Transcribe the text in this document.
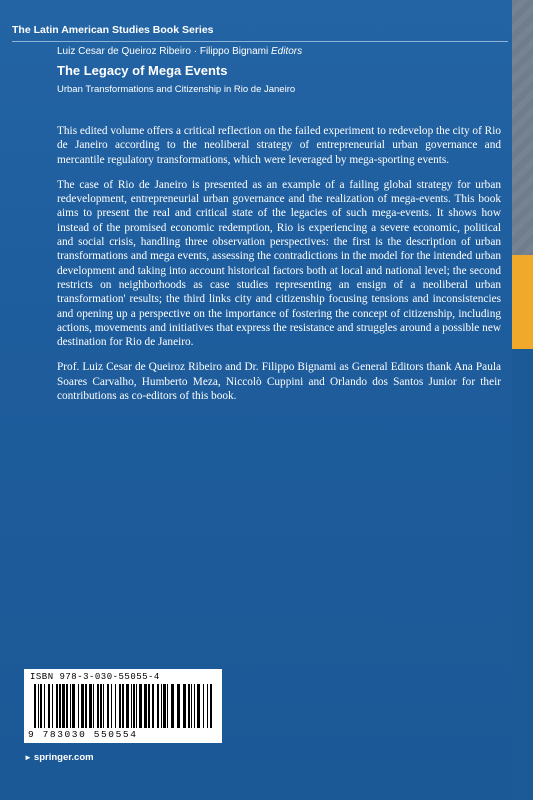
The Latin American Studies Book Series
Luiz Cesar de Queiroz Ribeiro · Filippo Bignami Editors
The Legacy of Mega Events
Urban Transformations and Citizenship in Rio de Janeiro

This edited volume offers a critical reflection on the failed experiment to redevelop the city of Rio de Janeiro according to the neoliberal strategy of entrepreneurial urban governance and mercantile regulatory transformations, which were leveraged by mega-sporting events.

The case of Rio de Janeiro is presented as an example of a failing global strategy for urban redevelopment, entrepreneurial urban governance and the realization of mega-events. This book aims to present the real and critical state of the legacies of such mega-events. It shows how instead of the promised economic redemption, Rio is experiencing a severe economic, political and social crisis, handling three observation perspectives: the first is the description of urban transformations and mega events, assessing the contradictions in the model for the intended urban development and taking into account historical factors both at local and national level; the second restricts on neighborhoods as case studies representing an ensign of a neoliberal urban transformation' results; the third links city and citizenship focusing tensions and inconsistencies and opening up a perspective on the importance of fostering the concept of citizenship, including actions, movements and initiatives that express the resistance and struggles around a possible new destination for Rio de Janeiro.

Prof. Luiz Cesar de Queiroz Ribeiro and Dr. Filippo Bignami as General Editors thank Ana Paula Soares Carvalho, Humberto Meza, Niccolò Cuppini and Orlando dos Santos Junior for their contributions as co-editors of this book.

ISBN 978-3-030-55055-4
9 783030 550554
► springer.com
